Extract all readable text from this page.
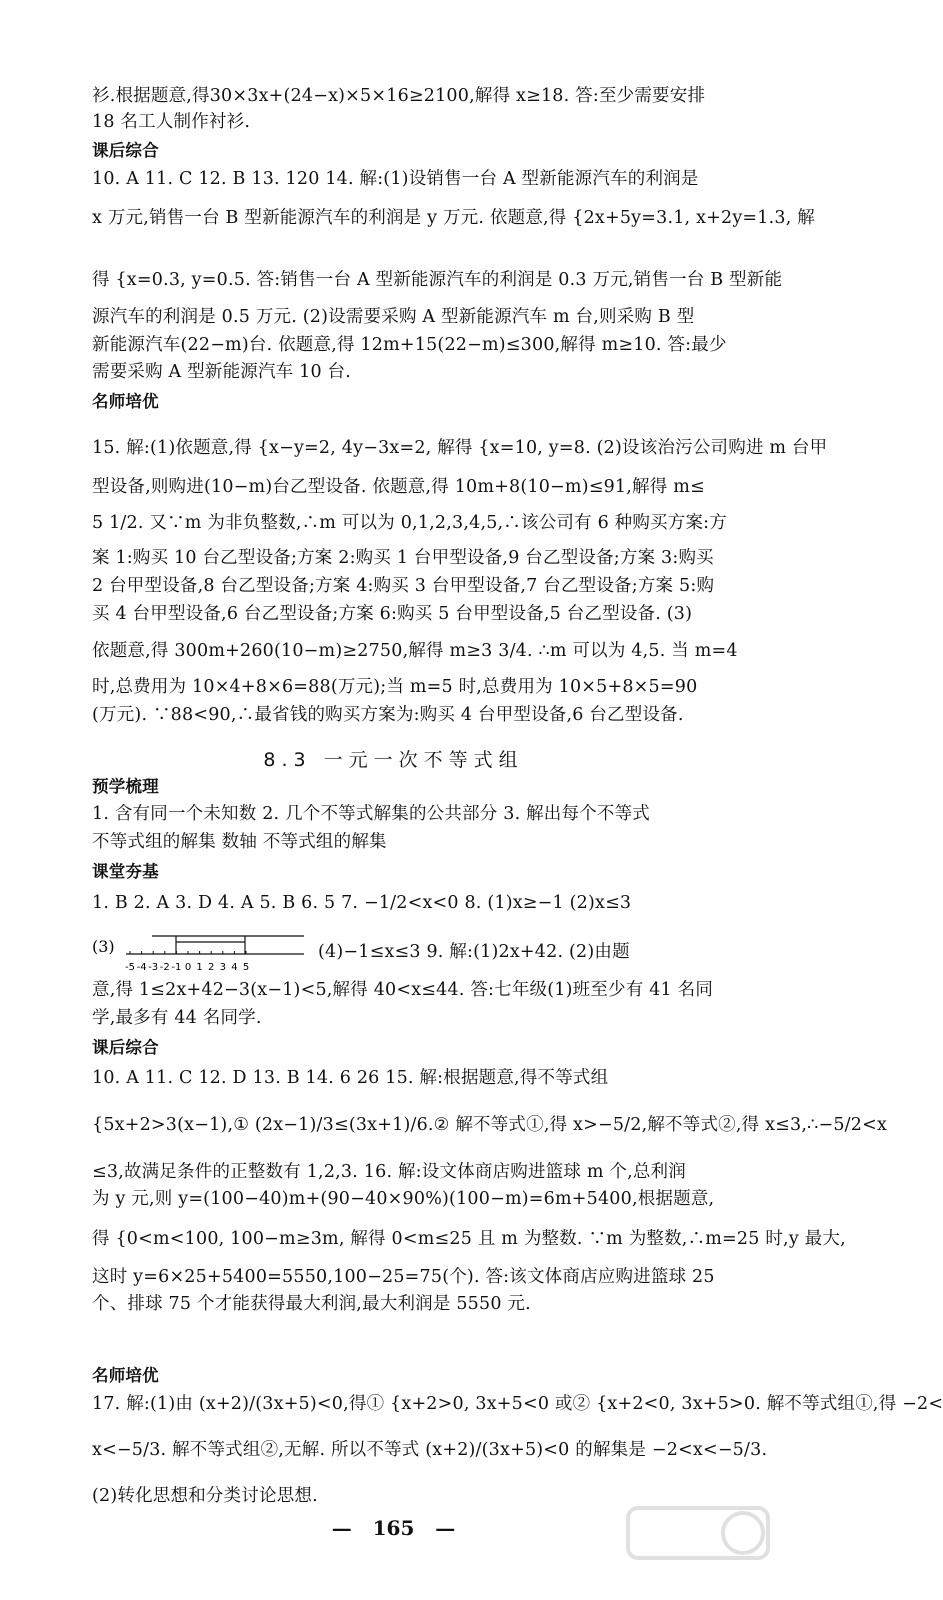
课后综合
名师培优
预学梳理
课堂夯基
课后综合
名师培优
8.3 一元一次不等式组
衫.根据题意,得30×3x+(24−x)×5×16≥2100,解得 x≥18. 答:至少需要安排
18 名工人制作衬衫.
10. A 11. C 12. B 13. 120 14. 解:(1)设销售一台 A 型新能源汽车的利润是
x 万元,销售一台 B 型新能源汽车的利润是 y 万元. 依题意,得 {2x+5y=3.1, x+2y=1.3, 解
得 {x=0.3, y=0.5. 答:销售一台 A 型新能源汽车的利润是 0.3 万元,销售一台 B 型新能
源汽车的利润是 0.5 万元. (2)设需要采购 A 型新能源汽车 m 台,则采购 B 型
新能源汽车(22−m)台. 依题意,得 12m+15(22−m)≤300,解得 m≥10. 答:最少
需要采购 A 型新能源汽车 10 台.
15. 解:(1)依题意,得 {x−y=2, 4y−3x=2, 解得 {x=10, y=8. (2)设该治污公司购进 m 台甲
型设备,则购进(10−m)台乙型设备. 依题意,得 10m+8(10−m)≤91,解得 m≤
5 1/2. 又∵m 为非负整数,∴m 可以为 0,1,2,3,4,5,∴该公司有 6 种购买方案:方
案 1:购买 10 台乙型设备;方案 2:购买 1 台甲型设备,9 台乙型设备;方案 3:购买
2 台甲型设备,8 台乙型设备;方案 4:购买 3 台甲型设备,7 台乙型设备;方案 5:购
买 4 台甲型设备,6 台乙型设备;方案 6:购买 5 台甲型设备,5 台乙型设备. (3)
依题意,得 300m+260(10−m)≥2750,解得 m≥3 3/4. ∴m 可以为 4,5. 当 m=4
时,总费用为 10×4+8×6=88(万元);当 m=5 时,总费用为 10×5+8×5=90
(万元). ∵88<90,∴最省钱的购买方案为:购买 4 台甲型设备,6 台乙型设备.
1. 含有同一个未知数 2. 几个不等式解集的公共部分 3. 解出每个不等式
不等式组的解集 数轴 不等式组的解集
1. B 2. A 3. D 4. A 5. B 6. 5 7. −1/2<x<0 8. (1)x≥−1 (2)x≤3
(4)−1≤x≤3 9. 解:(1)2x+42. (2)由题
意,得 1≤2x+42−3(x−1)<5,解得 40<x≤44. 答:七年级(1)班至少有 41 名同
学,最多有 44 名同学.
10. A 11. C 12. D 13. B 14. 6 26 15. 解:根据题意,得不等式组
{5x+2>3(x−1),① (2x−1)/3≤(3x+1)/6.② 解不等式①,得 x>−5/2,解不等式②,得 x≤3,∴−5/2<x
≤3,故满足条件的正整数有 1,2,3. 16. 解:设文体商店购进篮球 m 个,总利润
为 y 元,则 y=(100−40)m+(90−40×90%)(100−m)=6m+5400,根据题意,
得 {0<m<100, 100−m≥3m, 解得 0<m≤25 且 m 为整数. ∵m 为整数,∴m=25 时,y 最大,
这时 y=6×25+5400=5550,100−25=75(个). 答:该文体商店应购进篮球 25
个、排球 75 个才能获得最大利润,最大利润是 5550 元.
17. 解:(1)由 (x+2)/(3x+5)<0,得① {x+2>0, 3x+5<0 或② {x+2<0, 3x+5>0. 解不等式组①,得 −2<
x<−5/3. 解不等式组②,无解. 所以不等式 (x+2)/(3x+5)<0 的解集是 −2<x<−5/3.
(2)转化思想和分类讨论思想.
(3)
-5 -4 -3 -2 -1 0 1 2 3 4 5
— 165 —
